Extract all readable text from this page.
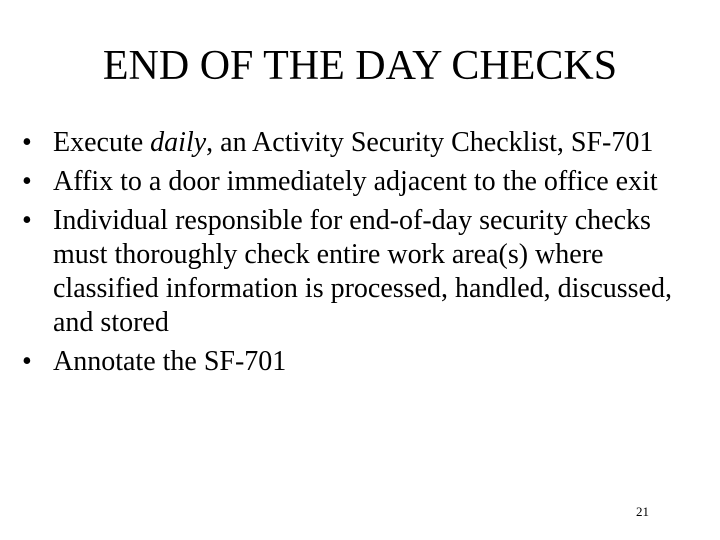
END OF THE DAY CHECKS
• Execute daily, an Activity Security Checklist, SF-701
• Affix to a door immediately adjacent to the office exit
• Individual responsible for end-of-day security checks must thoroughly check entire work area(s) where classified information is processed, handled, discussed, and stored
• Annotate the SF-701
21
